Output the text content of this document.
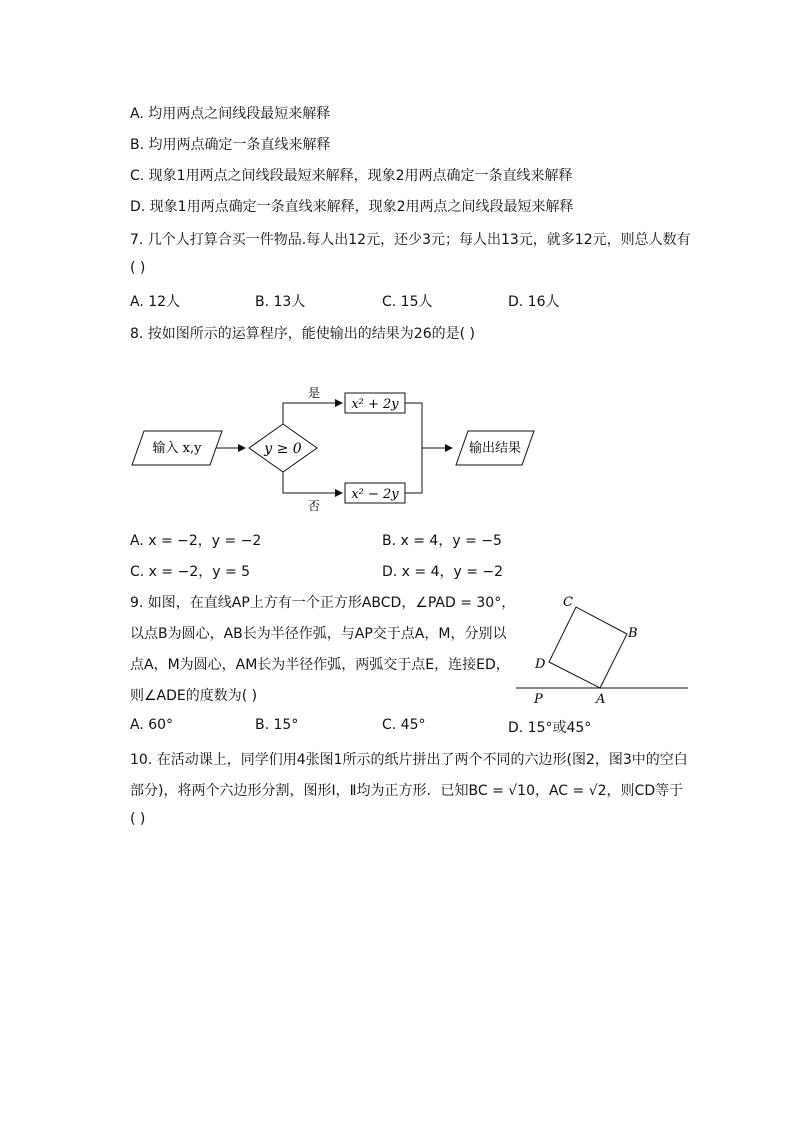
A. 均用两点之间线段最短来解释
B. 均用两点确定一条直线来解释
C. 现象1用两点之间线段最短来解释，现象2用两点确定一条直线来解释
D. 现象1用两点确定一条直线来解释，现象2用两点之间线段最短来解释
7. 几个人打算合买一件物品.每人出12元，还少3元；每人出13元，就多12元，则总人数有
( )
A. 12人	B. 13人	C. 15人	D. 16人
8. 按如图所示的运算程序，能使输出的结果为26的是( )
输入 x,y	y ≥ 0
是
否
x² + 2y
x² − 2y
输出结果
A. x = −2，y = −2	B. x = 4，y = −5
C. x = −2，y = 5	D. x = 4，y = −2
9. 如图，在直线AP上方有一个正方形ABCD，∠PAD = 30°，
以点B为圆心，AB长为半径作弧，与AP交于点A，M，分别以
点A，M为圆心，AM长为半径作弧，两弧交于点E，连接ED，
则∠ADE的度数为( )
C
B
D
P	A
A. 60°	B. 15°	C. 45°	D. 15°或45°
10. 在活动课上，同学们用4张图1所示的纸片拼出了两个不同的六边形(图2，图3中的空白
部分)，将两个六边形分割，图形Ⅰ，Ⅱ均为正方形．已知BC = √10，AC = √2，则CD等于
( )
